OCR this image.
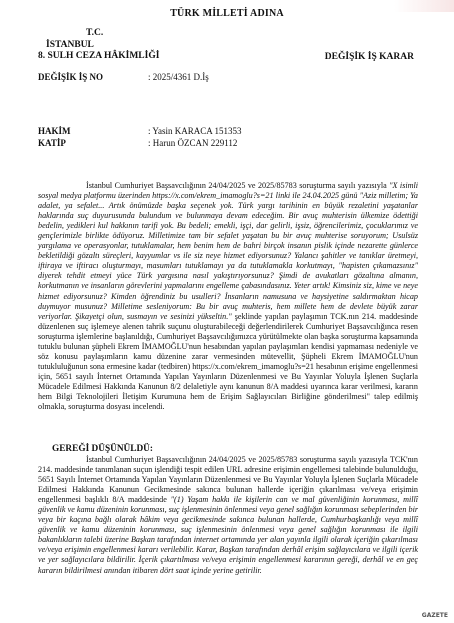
TÜRK MİLLETİ ADINA
T.C.
İSTANBUL
8. SULH CEZA HÂKİMLİĞİ	DEĞİŞİK İŞ KARAR
DEĞİŞİK İŞ NO	: 2025/4361 D.İş
HAKİM	: Yasin KARACA 151353
KATİP	: Harun ÖZCAN 229112

İstanbul Cumhuriyet Başsavcılığının 24/04/2025 ve 2025/85783 soruşturma sayılı yazısıyla "X isimli sosyal medya platformu üzerinden https://x.com/ekrem_imamoglu?s=21 linki ile 24.04.2025 günü "Aziz milletim; Ya adalet, ya sefalet... Artık önümüzde başka seçenek yok. Türk yargı tarihinin en büyük rezaletini yaşatanlar haklarında suç duyurusunda bulundum ve bulunmaya devam edeceğim. Bir avuç muhterisin ülkemize ödettiği bedelin, yedikleri kul hakkının tarifi yok. Bu bedeli; emekli, işçi, dar gelirli, işsiz, öğrencilerimiz, çocuklarımız ve gençlerimizle birlikte ödüyoruz. Milletimize tam bir sefalet yaşatan bu bir avuç muhterise soruyorum; Usulsüz yargılama ve operasyonlar, tutuklamalar, hem benim hem de bahri birçok insanın pislik içinde nezarette günlerce bekletildiği gözaltı süreçleri, kayyumlar vs ile siz neye hizmet ediyorsunuz? Yalancı şahitler ve tanıklar üretmeyi, iftiraya ve iftiracı oluşturmayı, masumları tutuklamayı ya da tutuklamakla korkutmayı, "hapisten çıkamazsınız" diyerek tehdit etmeyi yüce Türk yargısına nasıl yakıştırıyorsunuz? Şimdi de avukatları gözaltına almanın, korkutmanın ve insanların görevlerini yapmalarını engelleme çabasındasınız. Yeter artık! Kimsiniz siz, kime ve neye hizmet ediyorsunuz? Kimden öğrendiniz bu usulleri? İnsanların namusuna ve haysiyetine saldırmaktan hicap duymuyor musunuz? Milletime sesleniyorum: Bu bir avuç muhteris, hem millete hem de devlete büyük zarar veriyorlar. Şikayetçi olun, susmayın ve sesinizi yükseltin." şeklinde yapılan paylaşımın TCK.nın 214. maddesinde düzenlenen suç işlemeye alenen tahrik suçunu oluşturabileceği değerlendirilerek Cumhuriyet Başsavcılığınca resen soruşturma işlemlerine başlanıldığı, Cumhuriyet Başsavcılığımızca yürütülmekte olan başka soruşturma kapsamında tutuklu bulunan şüpheli Ekrem İMAMOĞLU'nun hesabından yapılan paylaşımları kendisi yapmaması nedeniyle ve söz konusu paylaşımların kamu düzenine zarar vermesinden mütevellit, Şüpheli Ekrem İMAMOĞLU'nun tutukluluğunun sona ermesine kadar (tedbiren) https://x.com/ekrem_imamoglu?s=21 hesabının erişime engellenmesi için, 5651 sayılı İnternet Ortamında Yapılan Yayınların Düzenlenmesi ve Bu Yayınlar Yoluyla İşlenen Suçlarla Mücadele Edilmesi Hakkında Kanunun 8/2 delaletiyle aynı kanunun 8/A maddesi uyarınca karar verilmesi, kararın hem Bilgi Teknolojileri İletişim Kurumuna hem de Erişim Sağlayıcıları Birliğine gönderilmesi" talep edilmiş olmakla, soruşturma dosyası incelendi.

GEREĞİ DÜŞÜNÜLDÜ:

İstanbul Cumhuriyet Başsavcılığının 24/04/2025 ve 2025/85783 soruşturma sayılı yazısıyla TCK'nın 214. maddesinde tanımlanan suçun işlendiği tespit edilen URL adresine erişimin engellemesi talebinde bulunulduğu, 5651 Sayılı İnternet Ortamında Yapılan Yayınların Düzenlenmesi ve Bu Yayınlar Yoluyla İşlenen Suçlarla Mücadele Edilmesi Hakkında Kanunun Gecikmesinde sakınca bulunan hallerde içeriğin çıkarılması ve/veya erişimin engellenmesi başlıklı 8/A maddesinde "(1) Yaşam hakkı ile kişilerin can ve mal güvenliğinin korunması, millî güvenlik ve kamu düzeninin korunması, suç işlenmesinin önlenmesi veya genel sağlığın korunması sebeplerinden bir veya bir kaçına bağlı olarak hâkim veya gecikmesinde sakınca bulunan hallerde, Cumhurbaşkanlığı veya millî güvenlik ve kamu düzeninin korunması, suç işlenmesinin önlenmesi veya genel sağlığın korunması ile ilgili bakanlıkların talebi üzerine Başkan tarafından internet ortamında yer alan yayınla ilgili olarak içeriğin çıkarılması ve/veya erişimin engellenmesi kararı verilebilir. Karar, Başkan tarafından derhâl erişim sağlayıcılara ve ilgili içerik ve yer sağlayıcılara bildirilir. İçerik çıkartılması ve/veya erişimin engellenmesi kararının gereği, derhâl ve en geç kararın bildirilmesi anından itibaren dört saat içinde yerine getirilir.

GAZETE
